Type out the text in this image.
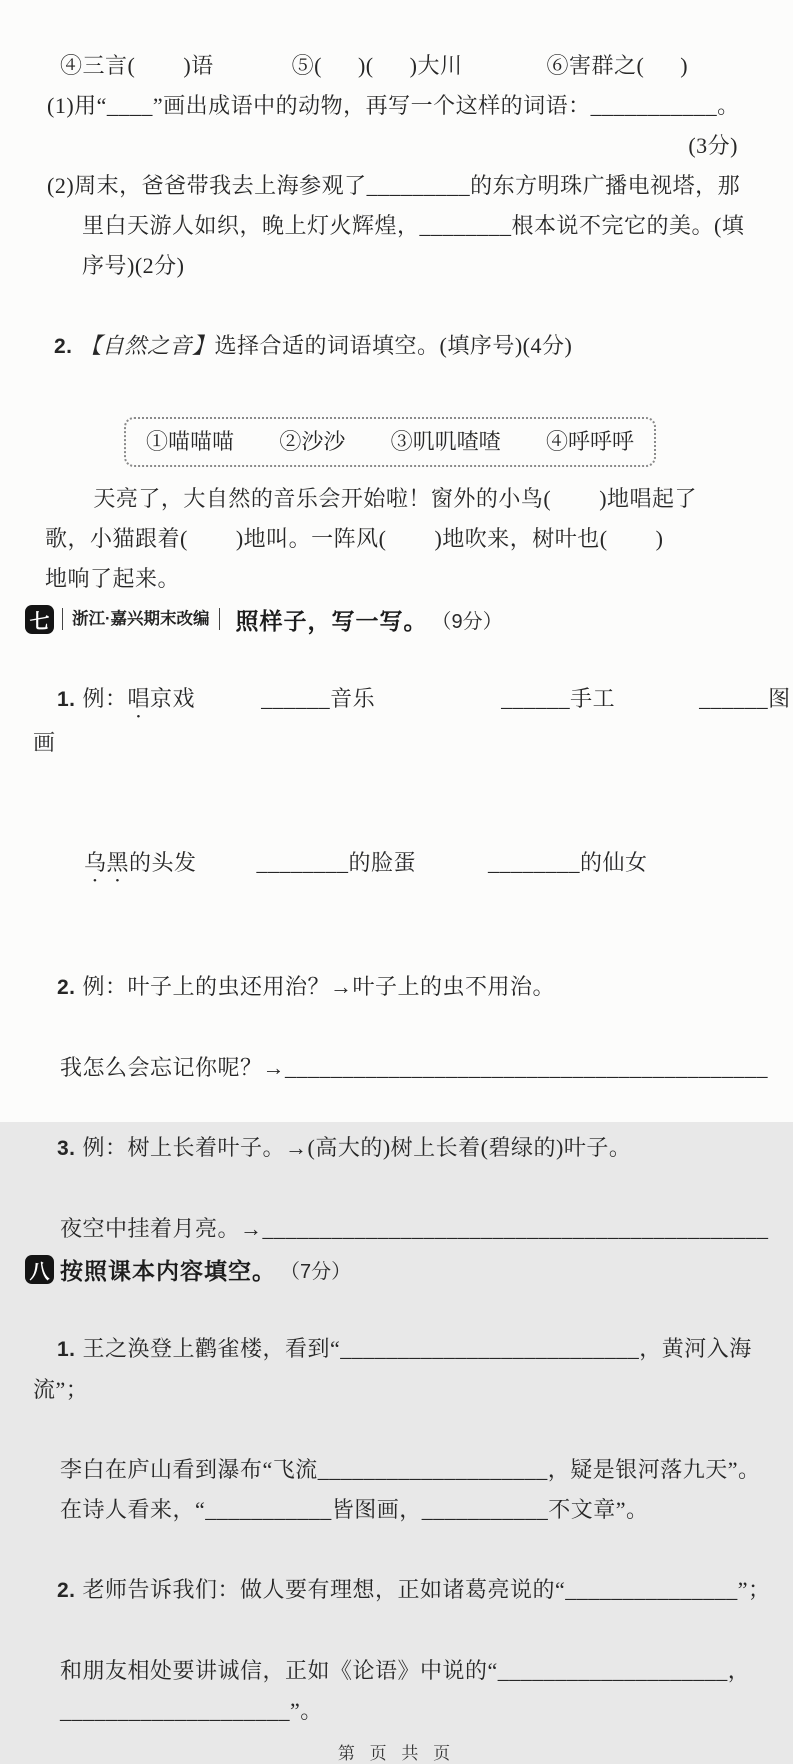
④三言(        )语             ⑤(      )(      )大川              ⑥害群之(      )
(1)用“____”画出成语中的动物，再写一个这样的词语：___________。
(3分)
(2)周末，爸爸带我去上海参观了_________的东方明珠广播电视塔，那
里白天游人如织，晚上灯火辉煌，________根本说不完它的美。(填
序号)(2分)

2. 【自然之音】选择合适的词语填空。(填序号)(4分)

①喵喵喵 ②沙沙 ③叽叽喳喳 ④呼呼呼
天亮了，大自然的音乐会开始啦！窗外的小鸟(        )地唱起了
歌，小猫跟着(        )地叫。一阵风(        )地吹来，树叶也(        )
地响了起来。
七	浙江·嘉兴期末改编	照样子，写一写。 （9分）

1. 例：唱京戏           ______音乐                     ______手工              ______图画

乌黑的头发          ________的脸蛋            ________的仙女

2. 例：叶子上的虫还用治？→叶子上的虫不用治。

我怎么会忘记你呢？→__________________________________________

3. 例：树上长着叶子。→(高大的)树上长着(碧绿的)叶子。

夜空中挂着月亮。→____________________________________________
八 按照课本内容填空。 （7分）

1. 王之涣登上鹳雀楼，看到“__________________________，黄河入海流”；

李白在庐山看到瀑布“飞流____________________，疑是银河落九天”。
在诗人看来，“___________皆图画，___________不文章”。

2. 老师告诉我们：做人要有理想，正如诸葛亮说的“_______________”；

和朋友相处要讲诚信，正如《论语》中说的“____________________，
____________________”。
第 页 共 页
